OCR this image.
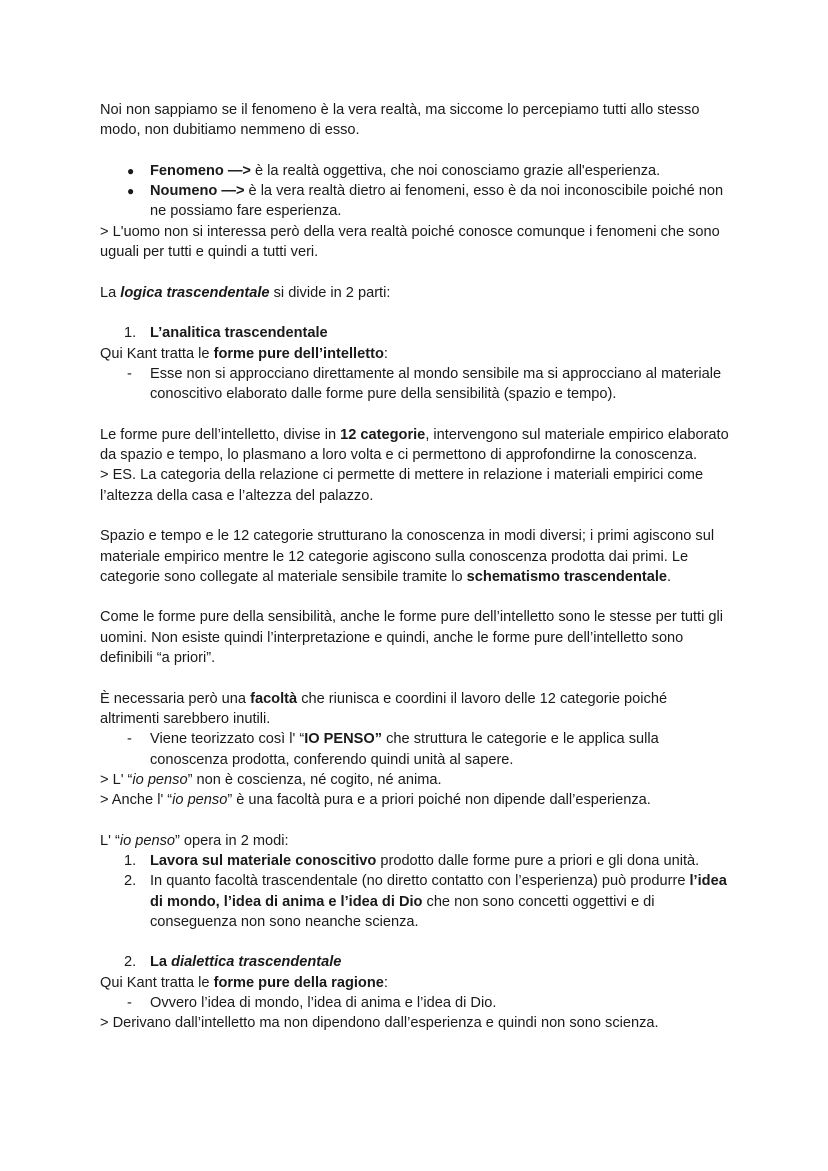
Noi non sappiamo se il fenomeno è la vera realtà, ma siccome lo percepiamo tutti allo stesso modo, non dubitiamo nemmeno di esso.
● Fenomeno —> è la realtà oggettiva, che noi conosciamo grazie all'esperienza.
● Noumeno —> è la vera realtà dietro ai fenomeni, esso è da noi inconoscibile poiché non ne possiamo fare esperienza.
> L'uomo non si interessa però della vera realtà poiché conosce comunque i fenomeni che sono uguali per tutti e quindi a tutti veri.
La logica trascendentale si divide in 2 parti:
1. L’analitica trascendentale
Qui Kant tratta le forme pure dell’intelletto:
- Esse non si approcciano direttamente al mondo sensibile ma si approcciano al materiale conoscitivo elaborato dalle forme pure della sensibilità (spazio e tempo).
Le forme pure dell’intelletto, divise in 12 categorie, intervengono sul materiale empirico elaborato da spazio e tempo, lo plasmano a loro volta e ci permettono di approfondirne la conoscenza.
> ES. La categoria della relazione ci permette di mettere in relazione i materiali empirici come l’altezza della casa e l’altezza del palazzo.
Spazio e tempo e le 12 categorie strutturano la conoscenza in modi diversi; i primi agiscono sul materiale empirico mentre le 12 categorie agiscono sulla conoscenza prodotta dai primi. Le categorie sono collegate al materiale sensibile tramite lo schematismo trascendentale.
Come le forme pure della sensibilità, anche le forme pure dell’intelletto sono le stesse per tutti gli uomini. Non esiste quindi l’interpretazione e quindi, anche le forme pure dell’intelletto sono definibili “a priori”.
È necessaria però una facoltà che riunisca e coordini il lavoro delle 12 categorie poiché altrimenti sarebbero inutili.
- Viene teorizzato così l' “IO PENSO” che struttura le categorie e le applica sulla conoscenza prodotta, conferendo quindi unità al sapere.
> L' “io penso” non è coscienza, né cogito, né anima.
> Anche l' “io penso” è una facoltà pura e a priori poiché non dipende dall’esperienza.
L' “io penso” opera in 2 modi:
1. Lavora sul materiale conoscitivo prodotto dalle forme pure a priori e gli dona unità.
2. In quanto facoltà trascendentale (no diretto contatto con l’esperienza) può produrre l’idea di mondo, l’idea di anima e l’idea di Dio che non sono concetti oggettivi e di conseguenza non sono neanche scienza.
2. La dialettica trascendentale
Qui Kant tratta le forme pure della ragione:
- Ovvero l’idea di mondo, l’idea di anima e l’idea di Dio.
> Derivano dall’intelletto ma non dipendono dall’esperienza e quindi non sono scienza.
